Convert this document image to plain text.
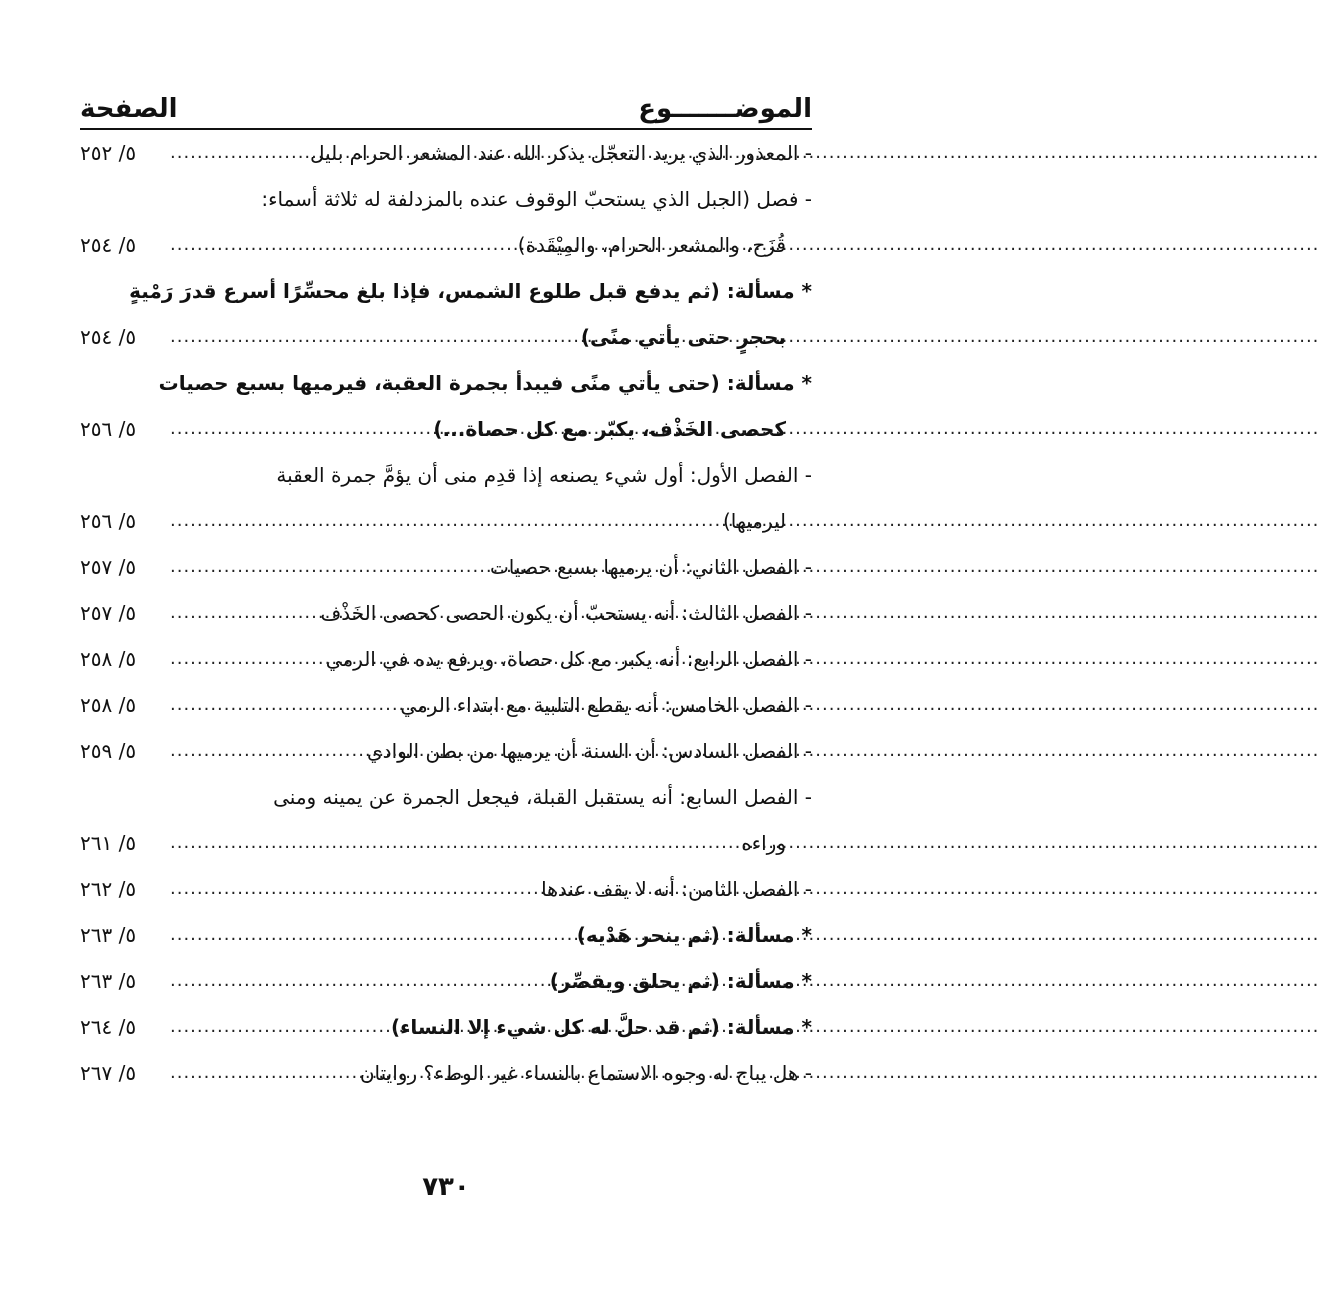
الموضـــــــوع
الصفحة
- المعذور الذي يريد التعجّل يذكر الله عند المشعر الحرام بليل
.....
٥/ ٢٥٢
- فصل (الجبل الذي يستحبّ الوقوف عنده بالمزدلفة له ثلاثة أسماء:
قُزَح، والمشعر الحرام، والمِيْقَدة)
.....
٥/ ٢٥٤
* مسألة: (ثم يدفع قبل طلوع الشمس، فإذا بلغ محسِّرًا أسرع قدرَ رَمْيةٍ
بحجرٍ حتى يأتي منًى)
.....
٥/ ٢٥٤
* مسألة: (حتى يأتي منًى فيبدأ بجمرة العقبة، فيرميها بسبع حصيات
كحصى الخَذْف، يكبّر مع كل حصاة...)
.....
٥/ ٢٥٦
- الفصل الأول: أول شيء يصنعه إذا قدِم منى أن يؤمَّ جمرة العقبة
ليرميها)
.....
٥/ ٢٥٦
- الفصل الثاني: أن يرميها بسبع حصيات
.....
٥/ ٢٥٧
- الفصل الثالث: أنه يستحبّ أن يكون الحصى كحصى الخَذْف
.....
٥/ ٢٥٧
- الفصل الرابع: أنه يكبر مع كل حصاة، ويرفع يده في الرمي
.....
٥/ ٢٥٨
- الفصل الخامس: أنه يقطع التلبية مع ابتداء الرمي
.....
٥/ ٢٥٨
- الفصل السادس: أن السنة أن يرميها من بطن الوادي
.....
٥/ ٢٥٩
- الفصل السابع: أنه يستقبل القبلة، فيجعل الجمرة عن يمينه ومنى
وراءه
.....
٥/ ٢٦١
- الفصل الثامن: أنه لا يقف عندها
.....
٥/ ٢٦٢
* مسألة: (ثم ينحر هَدْيه)
.....
٥/ ٢٦٣
* مسألة: (ثم يحلق ويقصِّر)
.....
٥/ ٢٦٣
* مسألة: (ثم قد حلَّ له كل شيء إلا النساء)
.....
٥/ ٢٦٤
- هل يباح له وجوه الاستماع بالنساء غير الوطء؟ روايتان
.....
٥/ ٢٦٧
٧٣٠
